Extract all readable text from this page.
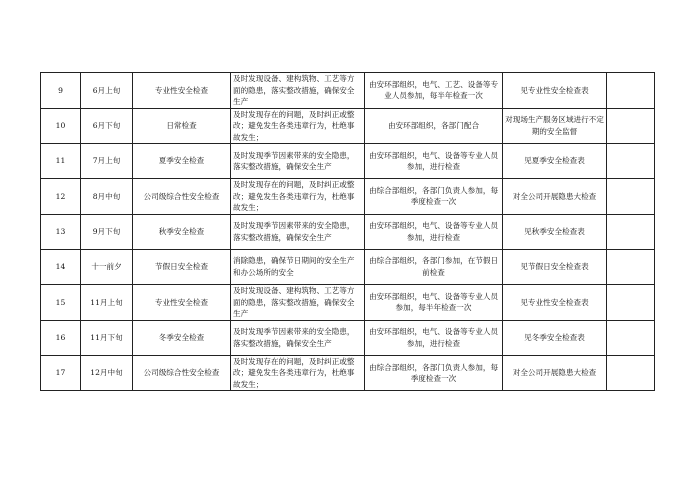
9	6月上旬	专业性安全检查	及时发现设备、建构筑物、工艺等方面的隐患，落实整改措施，确保安全生产	由安环部组织，电气、工艺、设备等专业人员参加，每半年检查一次	见专业性安全检查表	
10	6月下旬	日常检查	及时发现存在的问题，及时纠正或整改；避免发生各类违章行为，杜绝事故发生；	由安环部组织，各部门配合	对现场生产服务区域进行不定期的安全监督	
11	7月上旬	夏季安全检查	及时发现季节因素带来的安全隐患，落实整改措施，确保安全生产	由安环部组织，电气、设备等专业人员参加，进行检查	见夏季安全检查表	
12	8月中旬	公司级综合性安全检查	及时发现存在的问题，及时纠正或整改；避免发生各类违章行为，杜绝事故发生；	由综合部组织，各部门负责人参加，每季度检查一次	对全公司开展隐患大检查	
13	9月下旬	秋季安全检查	及时发现季节因素带来的安全隐患，落实整改措施，确保安全生产	由安环部组织，电气、设备等专业人员参加，进行检查	见秋季安全检查表	
14	十一前夕	节假日安全检查	消除隐患，确保节日期间的安全生产和办公场所的安全	由综合部组织，各部门参加，在节假日前检查	见节假日安全检查表	
15	11月上旬	专业性安全检查	及时发现设备、建构筑物、工艺等方面的隐患，落实整改措施，确保安全生产	由安环部组织，电气、设备等专业人员参加，每半年检查一次	见专业性安全检查表	
16	11月下旬	冬季安全检查	及时发现季节因素带来的安全隐患，落实整改措施，确保安全生产	由安环部组织，电气、设备等专业人员参加，进行检查	见冬季安全检查表	
17	12月中旬	公司级综合性安全检查	及时发现存在的问题，及时纠正或整改；避免发生各类违章行为，杜绝事故发生；	由综合部组织，各部门负责人参加，每季度检查一次	对全公司开展隐患大检查	
